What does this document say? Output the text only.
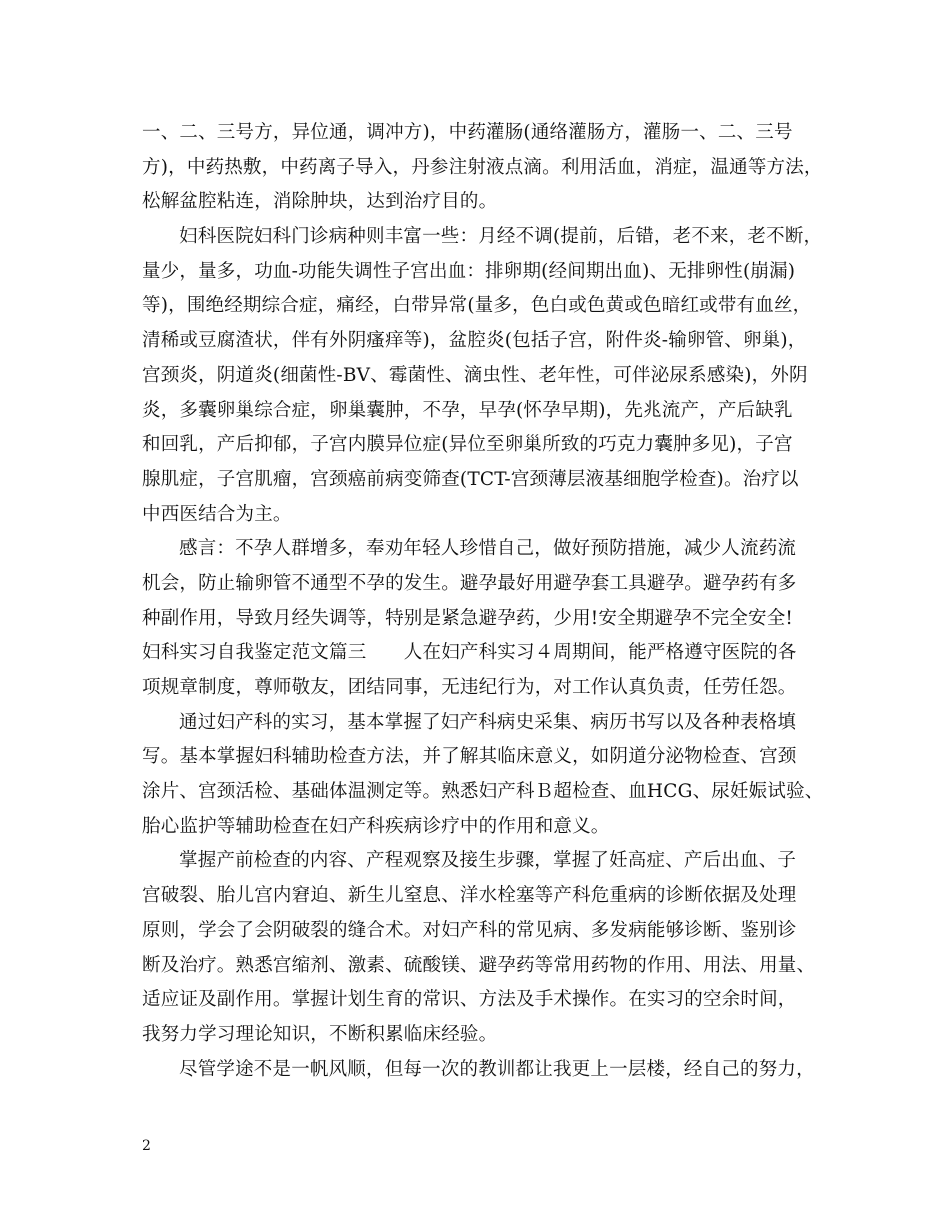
一、二、三号方，异位通，调冲方)，中药灌肠(通络灌肠方，灌肠一、二、三号
方)，中药热敷，中药离子导入，丹参注射液点滴。利用活血，消症，温通等方法，
松解盆腔粘连，消除肿块，达到治疗目的。
妇科医院妇科门诊病种则丰富一些：月经不调(提前，后错，老不来，老不断，
量少，量多，功血-功能失调性子宫出血：排卵期(经间期出血)、无排卵性(崩漏)
等)，围绝经期综合症，痛经，白带异常(量多，色白或色黄或色暗红或带有血丝，
清稀或豆腐渣状，伴有外阴瘙痒等)，盆腔炎(包括子宫，附件炎-输卵管、卵巢)，
宫颈炎，阴道炎(细菌性-BV、霉菌性、滴虫性、老年性，可伴泌尿系感染)，外阴
炎，多囊卵巢综合症，卵巢囊肿，不孕，早孕(怀孕早期)，先兆流产，产后缺乳
和回乳，产后抑郁，子宫内膜异位症(异位至卵巢所致的巧克力囊肿多见)，子宫
腺肌症，子宫肌瘤，宫颈癌前病变筛查(TCT-宫颈薄层液基细胞学检查)。治疗以
中西医结合为主。
感言：不孕人群增多，奉劝年轻人珍惜自己，做好预防措施，减少人流药流
机会，防止输卵管不通型不孕的发生。避孕最好用避孕套工具避孕。避孕药有多
种副作用，导致月经失调等，特别是紧急避孕药，少用!安全期避孕不完全安全!
妇科实习自我鉴定范文篇三　　人在妇产科实习４周期间，能严格遵守医院的各
项规章制度，尊师敬友，团结同事，无违纪行为，对工作认真负责，任劳任怨。
通过妇产科的实习，基本掌握了妇产科病史采集、病历书写以及各种表格填
写。基本掌握妇科辅助检查方法，并了解其临床意义，如阴道分泌物检查、宫颈
涂片、宫颈活检、基础体温测定等。熟悉妇产科Ｂ超检查、血HCG、尿妊娠试验、
胎心监护等辅助检查在妇产科疾病诊疗中的作用和意义。
掌握产前检查的内容、产程观察及接生步骤，掌握了妊高症、产后出血、子
宫破裂、胎儿宫内窘迫、新生儿窒息、洋水栓塞等产科危重病的诊断依据及处理
原则，学会了会阴破裂的缝合术。对妇产科的常见病、多发病能够诊断、鉴别诊
断及治疗。熟悉宫缩剂、激素、硫酸镁、避孕药等常用药物的作用、用法、用量、
适应证及副作用。掌握计划生育的常识、方法及手术操作。在实习的空余时间，
我努力学习理论知识，不断积累临床经验。
尽管学途不是一帆风顺，但每一次的教训都让我更上一层楼，经自己的努力，
2
